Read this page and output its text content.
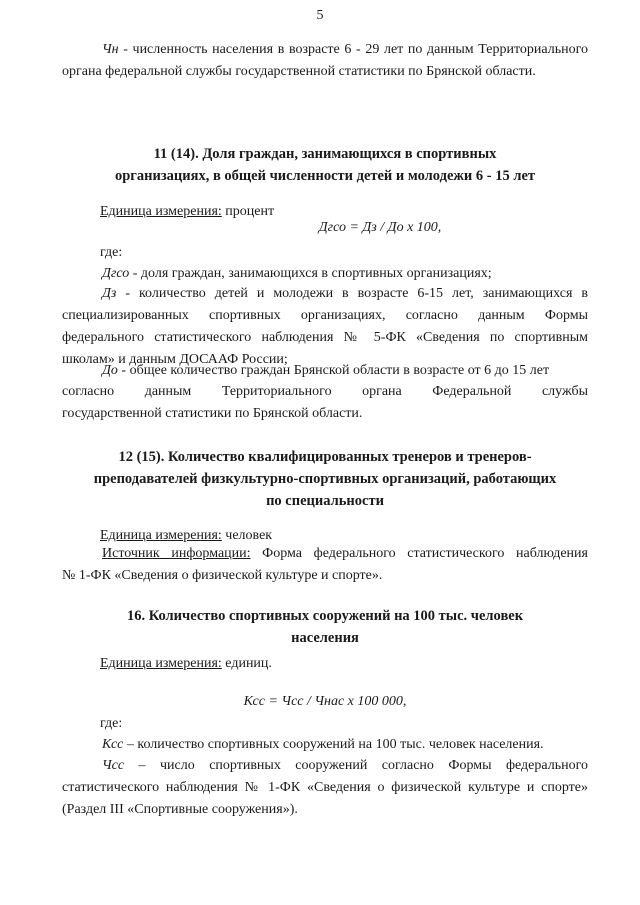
5

Чн - численность населения в возрасте 6 - 29 лет по данным Территориального органа федеральной службы государственной статистики по Брянской области.

11 (14). Доля граждан, занимающихся в спортивных
организациях, в общей численности детей и молодежи 6 - 15 лет

Единица измерения: процент

Дгсо = Дз / До х 100,

где:

Дгсо - доля граждан, занимающихся в спортивных организациях;

Дз - количество детей и молодежи в возрасте 6-15 лет, занимающихся в специализированных спортивных организациях, согласно данным Формы федерального статистического наблюдения № 5-ФК «Сведения по спортивным школам» и данным ДОСААФ России;

До - общее количество граждан Брянской области в возрасте от 6 до 15 лет

согласно данным Территориального органа Федеральной службы

государственной статистики по Брянской области.

12 (15). Количество квалифицированных тренеров и тренеров-
преподавателей физкультурно-спортивных организаций, работающих
по специальности

Единица измерения: человек

Источник информации: Форма федерального статистического наблюдения

№ 1-ФК «Сведения о физической культуре и спорте».

16. Количество спортивных сооружений на 100 тыс. человек
населения

Единица измерения: единиц.

Ксс = Чсс / Чнас х 100 000,

где:

Ксс – количество спортивных сооружений на 100 тыс. человек населения.

Чсс – число спортивных сооружений согласно Формы федерального статистического наблюдения № 1-ФК «Сведения о физической культуре и спорте» (Раздел III «Спортивные сооружения»).
